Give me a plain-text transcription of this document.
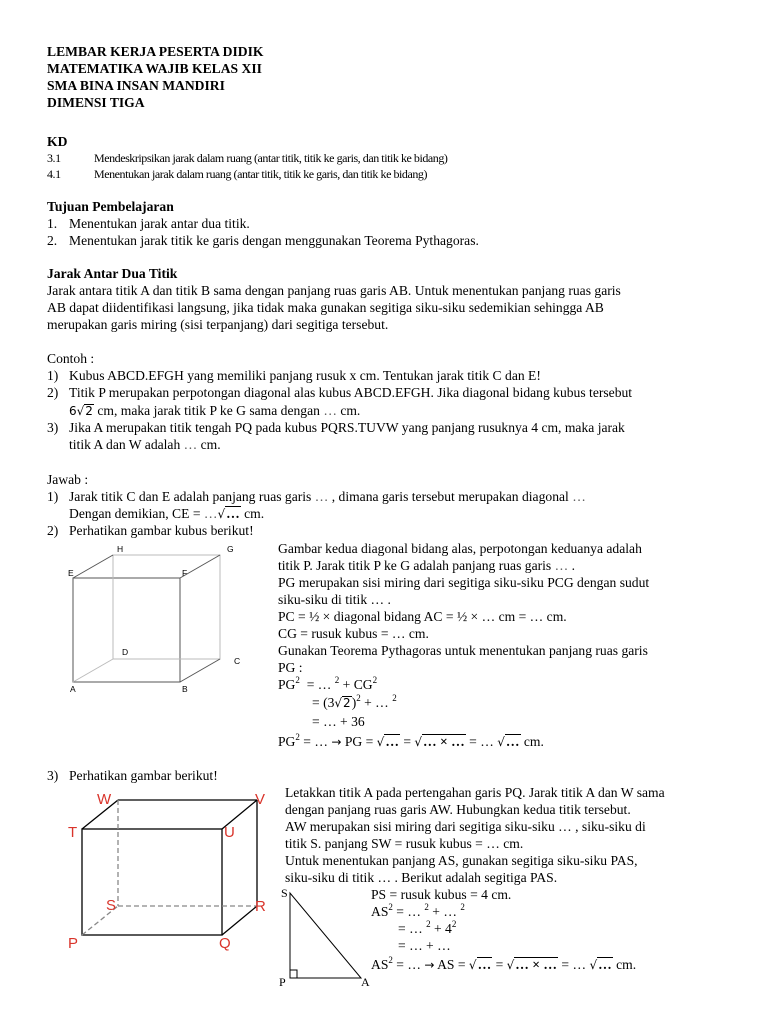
LEMBAR KERJA PESERTA DIDIK
MATEMATIKA WAJIB KELAS XII
SMA BINA INSAN MANDIRI
DIMENSI TIGA
KD
3.1	Mendeskripsikan jarak dalam ruang (antar titik, titik ke garis, dan titik ke bidang)
4.1	Menentukan jarak dalam ruang (antar titik, titik ke garis, dan titik ke bidang)
Tujuan Pembelajaran
1. Menentukan jarak antar dua titik.
2. Menentukan jarak titik ke garis dengan menggunakan Teorema Pythagoras.
Jarak Antar Dua Titik
Jarak antara titik A dan titik B sama dengan panjang ruas garis AB. Untuk menentukan panjang ruas garis
AB dapat diidentifikasi langsung, jika tidak maka gunakan segitiga siku-siku sedemikian sehingga AB
merupakan garis miring (sisi terpanjang) dari segitiga tersebut.
Contoh :
1) Kubus ABCD.EFGH yang memiliki panjang rusuk x cm. Tentukan jarak titik C dan E!
2) Titik P merupakan perpotongan diagonal alas kubus ABCD.EFGH. Jika diagonal bidang kubus tersebut
6√2 cm, maka jarak titik P ke G sama dengan … cm.
3) Jika A merupakan titik tengah PQ pada kubus PQRS.TUVW yang panjang rusuknya 4 cm, maka jarak
titik A dan W adalah … cm.
Jawab :
1) Jarak titik C dan E adalah panjang ruas garis … , dimana garis tersebut merupakan diagonal …
Dengan demikian, CE = …√… cm.
2) Perhatikan gambar kubus berikut!
Gambar kedua diagonal bidang alas, perpotongan keduanya adalah
titik P. Jarak titik P ke G adalah panjang ruas garis … .
PG merupakan sisi miring dari segitiga siku-siku PCG dengan sudut
siku-siku di titik … .
PC = ½ × diagonal bidang AC = ½ × … cm = … cm.
CG = rusuk kubus = … cm.
Gunakan Teorema Pythagoras untuk menentukan panjang ruas garis
PG :
$PG^2$ = … $^2 + CG^2$
= $(3√2)^2$ + … $^2$
= … + 36
$PG^2$ = … → PG = √… = √… × … = … √… cm.
3) Perhatikan gambar berikut!
Letakkan titik A pada pertengahan garis PQ. Jarak titik A dan W sama
dengan panjang ruas garis AW. Hubungkan kedua titik tersebut.
AW merupakan sisi miring dari segitiga siku-siku … , siku-siku di
titik S. panjang SW = rusuk kubus = … cm.
Untuk menentukan panjang AS, gunakan segitiga siku-siku PAS,
siku-siku di titik … . Berikut adalah segitiga PAS.
PS = rusuk kubus = 4 cm.
$AS^2$ = … $^2$ + … $^2$
= … $^2 + 4^2$
= … + …
$AS^2$ = … → AS = √… = √… × … = … √… cm.
H	G
E	F
D
C
A	B
W	V
T	U
S	R
P	Q
S
P	A
